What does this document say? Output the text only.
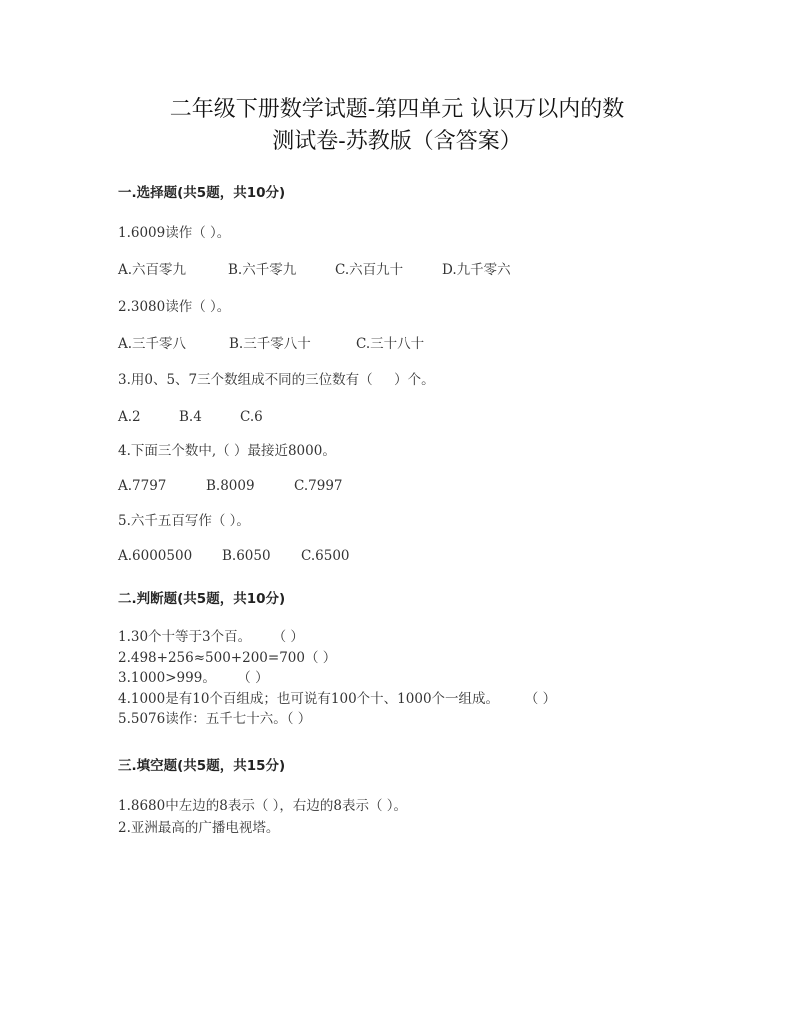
二年级下册数学试题-第四单元 认识万以内的数
测试卷-苏教版（含答案）
一.选择题(共5题，共10分)
1.6009读作（ ）。
A.六百零九	B.六千零九	C.六百九十	D.九千零六
2.3080读作（ ）。
A.三千零八	B.三千零八十	C.三十八十
3.用0、5、7三个数组成不同的三位数有（     ）个。
A.2	B.4	C.6
4.下面三个数中,（ ）最接近8000。
A.7797	B.8009	C.7997
5.六千五百写作（ ）。
A.6000500 B.6050 C.6500
二.判断题(共5题，共10分)
1.30个十等于3个百。     （ ）
2.498+256≈500+200=700（ ）
3.1000>999。     （ ）
4.1000是有10个百组成；也可说有100个十、1000个一组成。      （ ）
5.5076读作：五千七十六。（ ）
三.填空题(共5题，共15分)
1.8680中左边的8表示（ ），右边的8表示（ ）。
2.亚洲最高的广播电视塔。
